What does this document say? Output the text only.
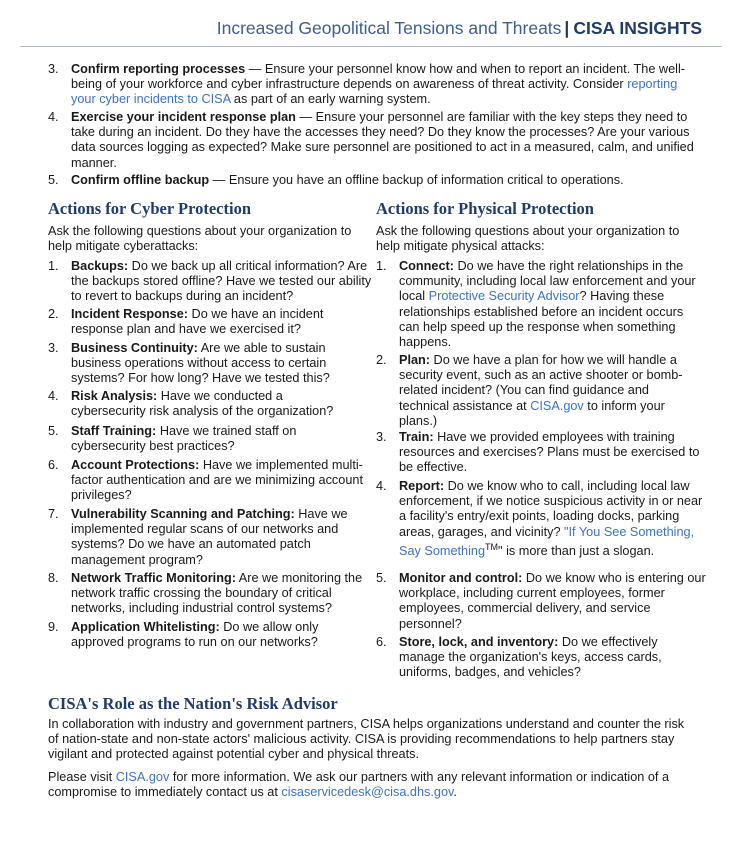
Increased Geopolitical Tensions and Threats | CISA INSIGHTS
3. Confirm reporting processes — Ensure your personnel know how and when to report an incident. The well-being of your workforce and cyber infrastructure depends on awareness of threat activity. Consider reporting your cyber incidents to CISA as part of an early warning system.
4. Exercise your incident response plan — Ensure your personnel are familiar with the key steps they need to take during an incident. Do they have the accesses they need? Do they know the processes? Are your various data sources logging as expected? Make sure personnel are positioned to act in a measured, calm, and unified manner.
5. Confirm offline backup — Ensure you have an offline backup of information critical to operations.
Actions for Cyber Protection
Ask the following questions about your organization to help mitigate cyberattacks:
1. Backups: Do we back up all critical information? Are the backups stored offline? Have we tested our ability to revert to backups during an incident?
2. Incident Response: Do we have an incident response plan and have we exercised it?
3. Business Continuity: Are we able to sustain business operations without access to certain systems? For how long? Have we tested this?
4. Risk Analysis: Have we conducted a cybersecurity risk analysis of the organization?
5. Staff Training: Have we trained staff on cybersecurity best practices?
6. Account Protections: Have we implemented multi-factor authentication and are we minimizing account privileges?
7. Vulnerability Scanning and Patching: Have we implemented regular scans of our networks and systems? Do we have an automated patch management program?
8. Network Traffic Monitoring: Are we monitoring the network traffic crossing the boundary of critical networks, including industrial control systems?
9. Application Whitelisting: Do we allow only approved programs to run on our networks?
Actions for Physical Protection
Ask the following questions about your organization to help mitigate physical attacks:
1. Connect: Do we have the right relationships in the community, including local law enforcement and your local Protective Security Advisor? Having these relationships established before an incident occurs can help speed up the response when something happens.
2. Plan: Do we have a plan for how we will handle a security event, such as an active shooter or bomb-related incident? (You can find guidance and technical assistance at CISA.gov to inform your plans.)
3. Train: Have we provided employees with training resources and exercises? Plans must be exercised to be effective.
4. Report: Do we know who to call, including local law enforcement, if we notice suspicious activity in or near a facility's entry/exit points, loading docks, parking areas, garages, and vicinity? "If You See Something, Say Something™" is more than just a slogan.
5. Monitor and control: Do we know who is entering our workplace, including current employees, former employees, commercial delivery, and service personnel?
6. Store, lock, and inventory: Do we effectively manage the organization's keys, access cards, uniforms, badges, and vehicles?
CISA's Role as the Nation's Risk Advisor
In collaboration with industry and government partners, CISA helps organizations understand and counter the risk of nation-state and non-state actors' malicious activity. CISA is providing recommendations to help partners stay vigilant and protected against potential cyber and physical threats.
Please visit CISA.gov for more information. We ask our partners with any relevant information or indication of a compromise to immediately contact us at cisaservicedesk@cisa.dhs.gov.
